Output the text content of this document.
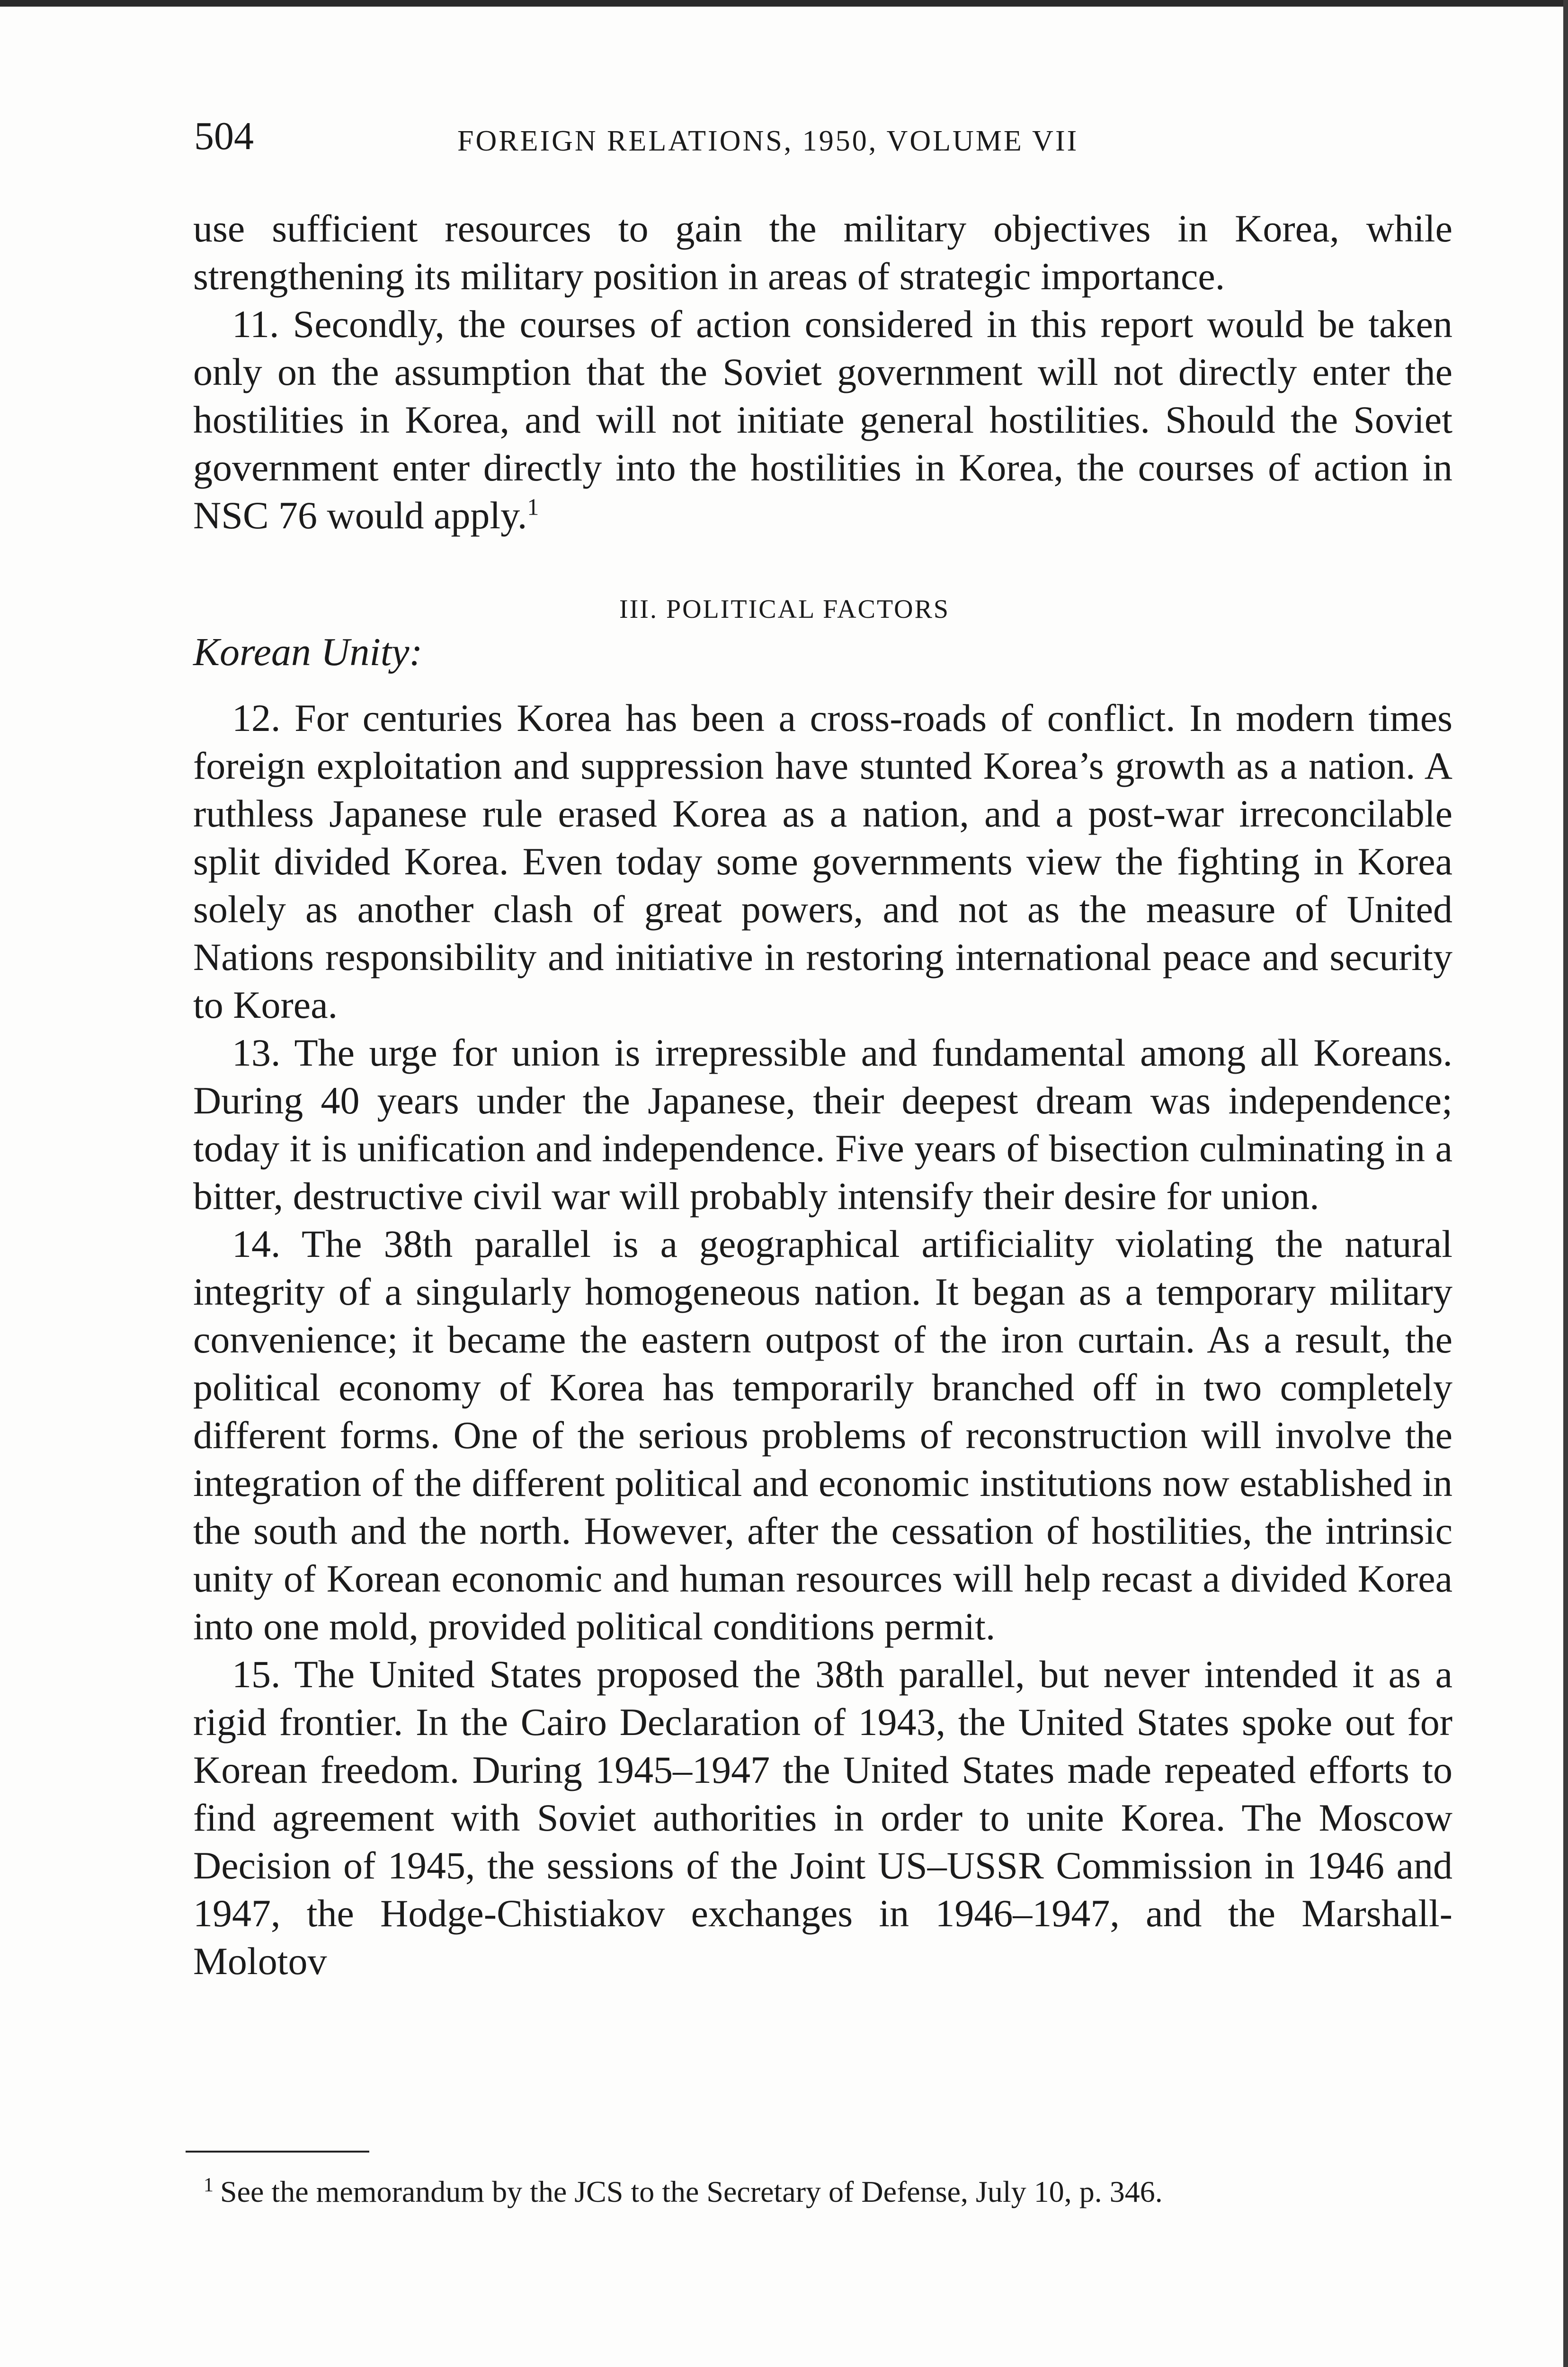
504	FOREIGN RELATIONS, 1950, VOLUME VII

use sufficient resources to gain the military objectives in Korea, while strengthening its military position in areas of strategic importance.

11. Secondly, the courses of action considered in this report would be taken only on the assumption that the Soviet government will not directly enter the hostilities in Korea, and will not initiate general hostilities. Should the Soviet government enter directly into the hostilities in Korea, the courses of action in NSC 76 would apply.$^1$

III. POLITICAL FACTORS
Korean Unity:

12. For centuries Korea has been a cross-roads of conflict. In modern times foreign exploitation and suppression have stunted Korea’s growth as a nation. A ruthless Japanese rule erased Korea as a nation, and a post-war irreconcilable split divided Korea. Even today some governments view the fighting in Korea solely as another clash of great powers, and not as the measure of United Nations responsibility and initiative in restoring international peace and security to Korea.

13. The urge for union is irrepressible and fundamental among all Koreans. During 40 years under the Japanese, their deepest dream was independence; today it is unification and independence. Five years of bisection culminating in a bitter, destructive civil war will probably intensify their desire for union.

14. The 38th parallel is a geographical artificiality violating the natural integrity of a singularly homogeneous nation. It began as a temporary military convenience; it became the eastern outpost of the iron curtain. As a result, the political economy of Korea has temporarily branched off in two completely different forms. One of the serious problems of reconstruction will involve the integration of the different political and economic institutions now established in the south and the north. However, after the cessation of hostilities, the intrinsic unity of Korean economic and human resources will help recast a divided Korea into one mold, provided political conditions permit.

15. The United States proposed the 38th parallel, but never intended it as a rigid frontier. In the Cairo Declaration of 1943, the United States spoke out for Korean freedom. During 1945–1947 the United States made repeated efforts to find agreement with Soviet authorities in order to unite Korea. The Moscow Decision of 1945, the sessions of the Joint US–USSR Commission in 1946 and 1947, the Hodge-Chistiakov exchanges in 1946–1947, and the Marshall-Molotov

$^1$ See the memorandum by the JCS to the Secretary of Defense, July 10, p. 346.
